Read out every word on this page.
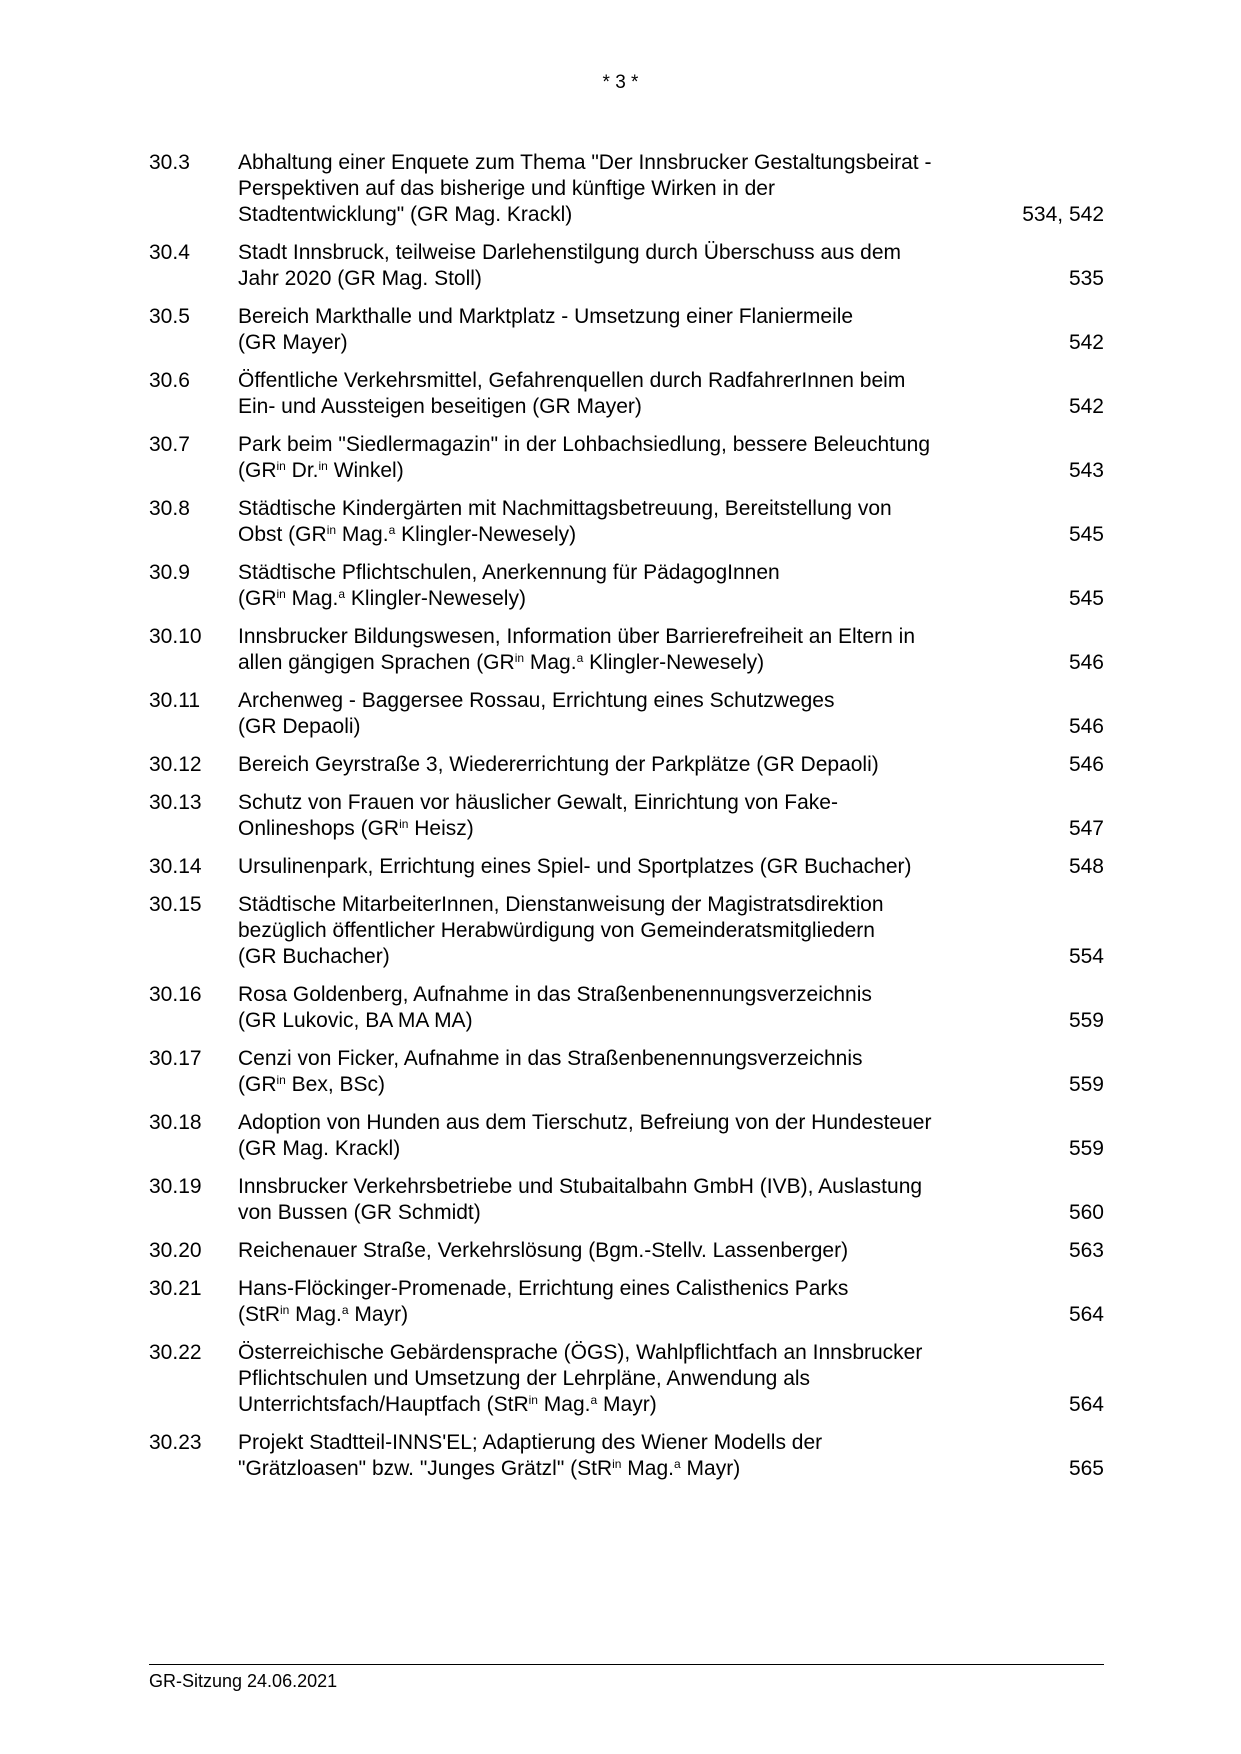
* 3 *
30.3	Abhaltung einer Enquete zum Thema "Der Innsbrucker Gestaltungsbeirat -
Perspektiven auf das bisherige und künftige Wirken in der
Stadtentwicklung" (GR Mag. Krackl)	534, 542
30.4	Stadt Innsbruck, teilweise Darlehenstilgung durch Überschuss aus dem
Jahr 2020 (GR Mag. Stoll)	535
30.5	Bereich Markthalle und Marktplatz - Umsetzung einer Flaniermeile
(GR Mayer)	542
30.6	Öffentliche Verkehrsmittel, Gefahrenquellen durch RadfahrerInnen beim
Ein- und Aussteigen beseitigen (GR Mayer)	542
30.7	Park beim "Siedlermagazin" in der Lohbachsiedlung, bessere Beleuchtung
($GR^{in}$ Dr.$^{in}$ Winkel)	543
30.8	Städtische Kindergärten mit Nachmittagsbetreuung, Bereitstellung von
Obst ($GR^{in}$ Mag.$^a$ Klingler-Newesely)	545
30.9	Städtische Pflichtschulen, Anerkennung für PädagogInnen
($GR^{in}$ Mag.$^a$ Klingler-Newesely)	545
30.10	Innsbrucker Bildungswesen, Information über Barrierefreiheit an Eltern in
allen gängigen Sprachen ($GR^{in}$ Mag.$^a$ Klingler-Newesely)	546
30.11	Archenweg - Baggersee Rossau, Errichtung eines Schutzweges
(GR Depaoli)	546
30.12	Bereich Geyrstraße 3, Wiedererrichtung der Parkplätze (GR Depaoli)	546
30.13	Schutz von Frauen vor häuslicher Gewalt, Einrichtung von Fake-
Onlineshops ($GR^{in}$ Heisz)	547
30.14	Ursulinenpark, Errichtung eines Spiel- und Sportplatzes (GR Buchacher)	548
30.15	Städtische MitarbeiterInnen, Dienstanweisung der Magistratsdirektion
bezüglich öffentlicher Herabwürdigung von Gemeinderatsmitgliedern
(GR Buchacher)	554
30.16	Rosa Goldenberg, Aufnahme in das Straßenbenennungsverzeichnis
(GR Lukovic, BA MA MA)	559
30.17	Cenzi von Ficker, Aufnahme in das Straßenbenennungsverzeichnis
($GR^{in}$ Bex, BSc)	559
30.18	Adoption von Hunden aus dem Tierschutz, Befreiung von der Hundesteuer
(GR Mag. Krackl)	559
30.19	Innsbrucker Verkehrsbetriebe und Stubaitalbahn GmbH (IVB), Auslastung
von Bussen (GR Schmidt)	560
30.20	Reichenauer Straße, Verkehrslösung (Bgm.-Stellv. Lassenberger)	563
30.21	Hans-Flöckinger-Promenade, Errichtung eines Calisthenics Parks
(StR$^{in}$ Mag.$^a$ Mayr)	564
30.22	Österreichische Gebärdensprache (ÖGS), Wahlpflichtfach an Innsbrucker
Pflichtschulen und Umsetzung der Lehrpläne, Anwendung als
Unterrichtsfach/Hauptfach (StR$^{in}$ Mag.$^a$ Mayr)	564
30.23	Projekt Stadtteil-INNS'EL; Adaptierung des Wiener Modells der
"Grätzloasen" bzw. "Junges Grätzl" (StR$^{in}$ Mag.$^a$ Mayr)	565
GR-Sitzung 24.06.2021
